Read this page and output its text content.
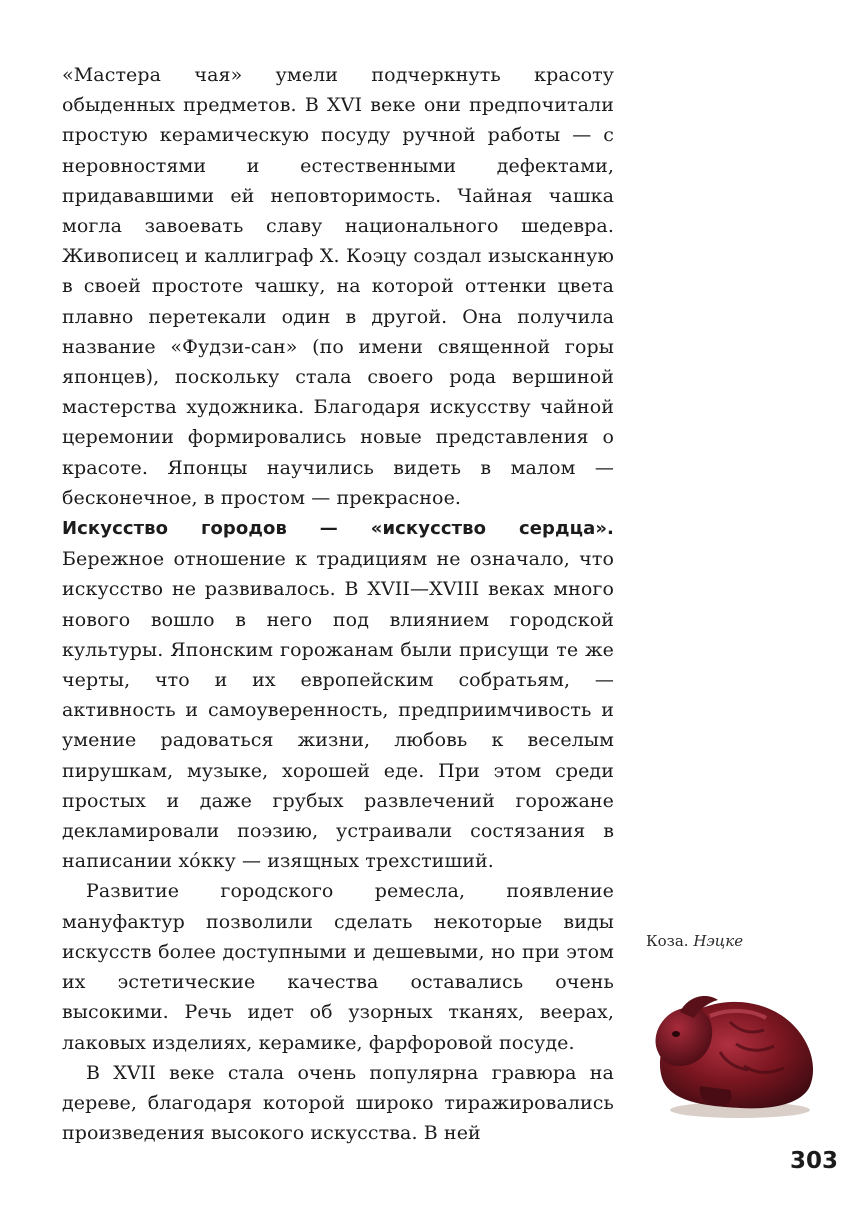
«Мастера чая» умели подчеркнуть красоту обыденных предметов. В XVI веке они предпочитали простую керамическую посуду ручной работы — с неровностями и естественными дефектами, придававшими ей неповторимость. Чайная чашка могла завоевать славу национального шедевра. Живописец и каллиграф Х. Коэцу создал изысканную в своей простоте чашку, на которой оттенки цвета плавно перетекали один в другой. Она получила название «Фудзи-сан» (по имени священной горы японцев), поскольку стала своего рода вершиной мастерства художника. Благодаря искусству чайной церемонии формировались новые представления о красоте. Японцы научились видеть в малом — бесконечное, в простом — прекрасное.

Искусство городов — «искусство сердца». Бережное отношение к традициям не означало, что искусство не развивалось. В XVII—XVIII веках много нового вошло в него под влиянием городской культуры. Японским горожанам были присущи те же черты, что и их европейским собратьям, — активность и самоуверенность, предприимчивость и умение радоваться жизни, любовь к веселым пирушкам, музыке, хорошей еде. При этом среди простых и даже грубых развлечений горожане декламировали поэзию, устраивали состязания в написании хóкку — изящных трехстиший.

Развитие городского ремесла, появление мануфактур позволили сделать некоторые виды искусств более доступными и дешевыми, но при этом их эстетические качества оставались очень высокими. Речь идет об узорных тканях, веерах, лаковых изделиях, керамике, фарфоровой посуде.

В XVII веке стала очень популярна гравюра на дереве, благодаря которой широко тиражировались произведения высокого искусства. В ней

Коза. Нэцке
303
